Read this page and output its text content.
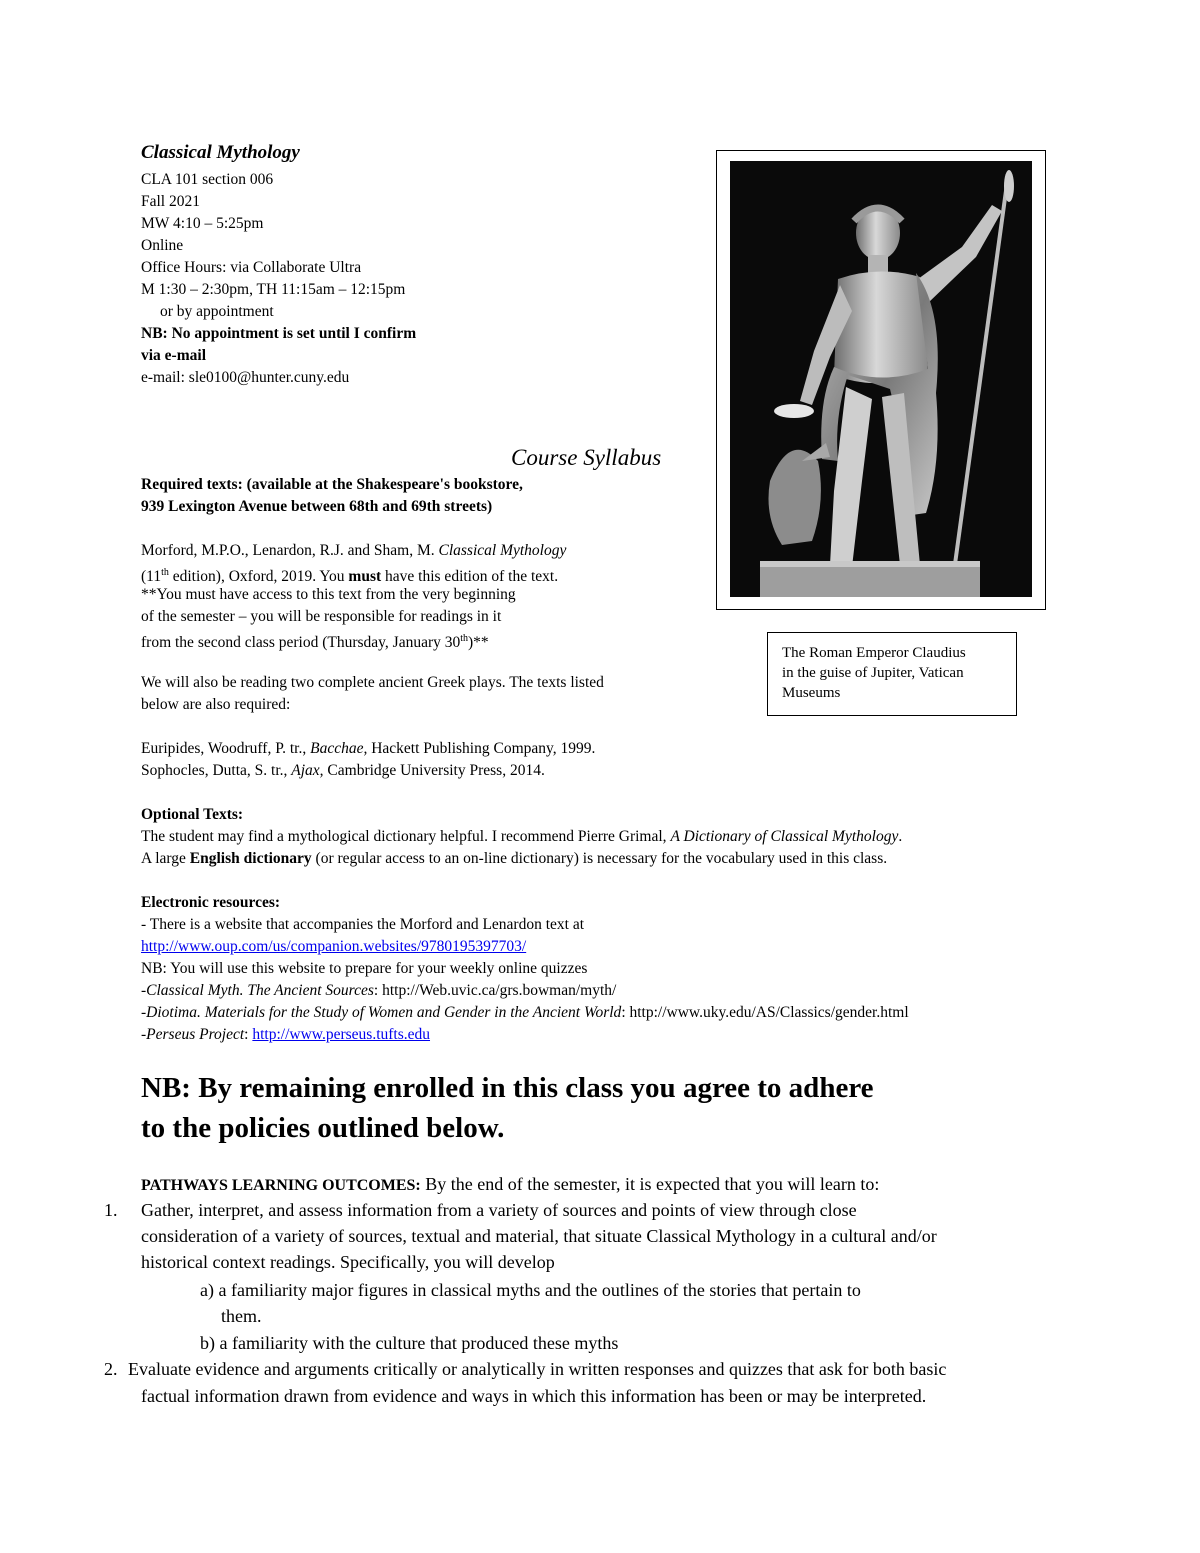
Classical Mythology
CLA 101 section 006
Fall 2021
MW 4:10 – 5:25pm
Online
Office Hours: via Collaborate Ultra
M 1:30 – 2:30pm, TH 11:15am – 12:15pm
or by appointment
NB: No appointment is set until I confirm
via e-mail
e-mail: sle0100@hunter.cuny.edu
The Roman Emperor Claudius
in the guise of Jupiter, Vatican
Museums
Course Syllabus
Required texts: (available at the Shakespeare's bookstore,
939 Lexington Avenue between 68th and 69th streets)
Morford, M.P.O., Lenardon, R.J. and Sham, M. Classical Mythology
(11th edition), Oxford, 2019. You must have this edition of the text.
**You must have access to this text from the very beginning
of the semester – you will be responsible for readings in it
from the second class period (Thursday, January 30th)**
We will also be reading two complete ancient Greek plays. The texts listed
below are also required:
Euripides, Woodruff, P. tr., Bacchae, Hackett Publishing Company, 1999.
Sophocles, Dutta, S. tr., Ajax, Cambridge University Press, 2014.
Optional Texts:
The student may find a mythological dictionary helpful. I recommend Pierre Grimal, A Dictionary of Classical Mythology.
A large English dictionary (or regular access to an on-line dictionary) is necessary for the vocabulary used in this class.
Electronic resources:
- There is a website that accompanies the Morford and Lenardon text at
http://www.oup.com/us/companion.websites/9780195397703/
NB: You will use this website to prepare for your weekly online quizzes
-Classical Myth. The Ancient Sources: http://Web.uvic.ca/grs.bowman/myth/
-Diotima. Materials for the Study of Women and Gender in the Ancient World: http://www.uky.edu/AS/Classics/gender.html
-Perseus Project: http://www.perseus.tufts.edu
NB: By remaining enrolled in this class you agree to adhere
to the policies outlined below.
PATHWAYS LEARNING OUTCOMES: By the end of the semester, it is expected that you will learn to:
1. Gather, interpret, and assess information from a variety of sources and points of view through close
consideration of a variety of sources, textual and material, that situate Classical Mythology in a cultural and/or
historical context readings. Specifically, you will develop
a) a familiarity major figures in classical myths and the outlines of the stories that pertain to
them.
b) a familiarity with the culture that produced these myths
2. Evaluate evidence and arguments critically or analytically in written responses and quizzes that ask for both basic
factual information drawn from evidence and ways in which this information has been or may be interpreted.
